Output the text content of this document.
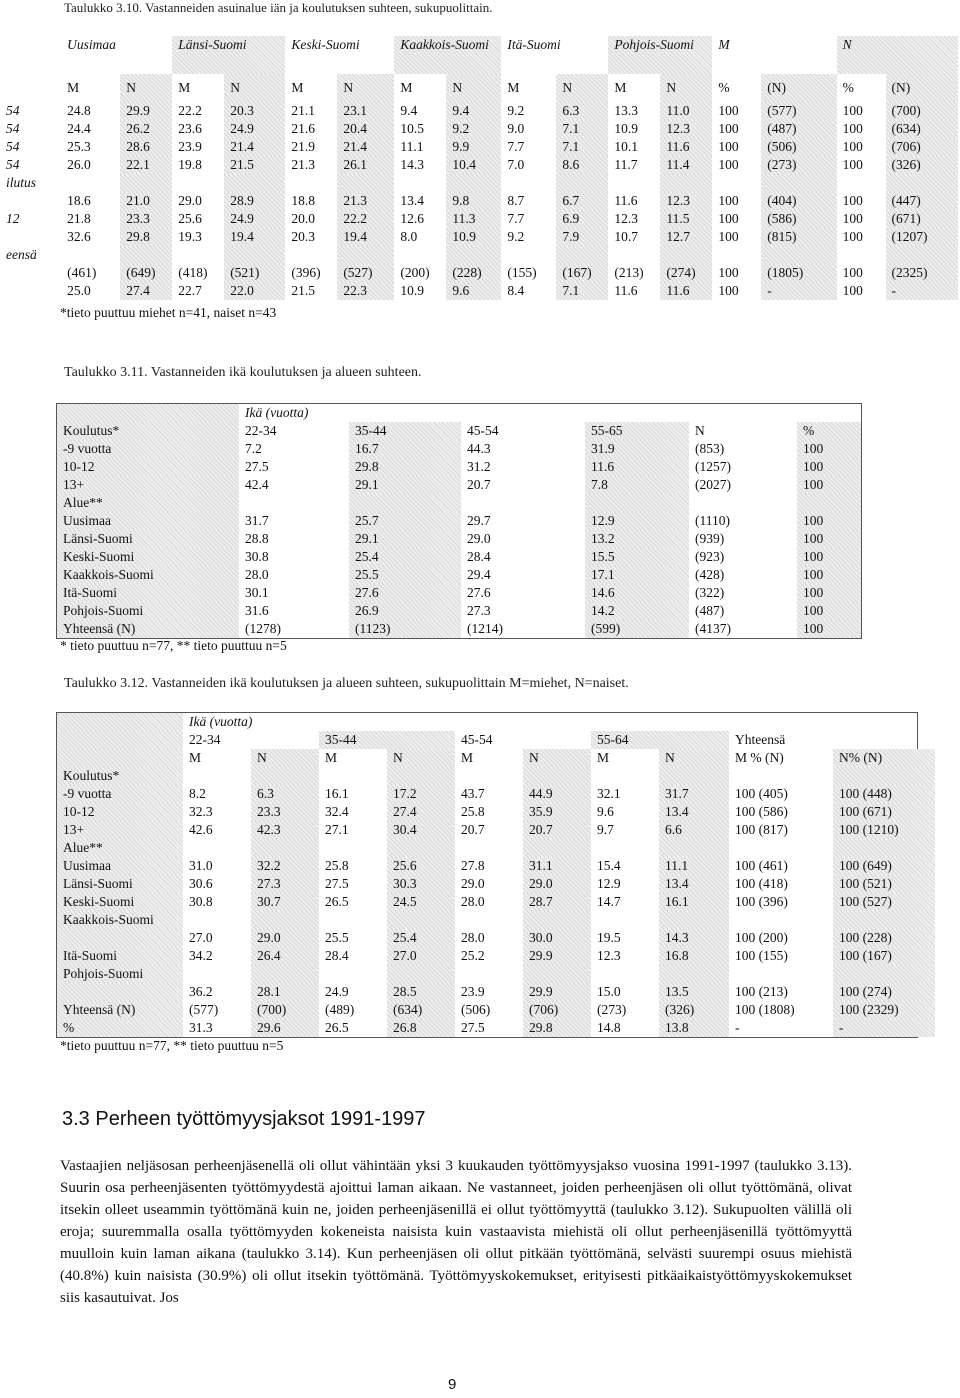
Taulukko 3.10. Vastanneiden asuinalue iän ja koulutuksen suhteen, sukupuolittain.
	Uusimaa		Länsi-Suomi		Keski-Suomi		Kaakkois-Suomi		Itä-Suomi		Pohjois-Suomi		M		N	
	M	N	M	N	M	N	M	N	M	N	M	N	%	(N)	%	(N)
54	24.8	29.9	22.2	20.3	21.1	23.1	9.4	9.4	9.2	6.3	13.3	11.0	100	(577)	100	(700)
54	24.4	26.2	23.6	24.9	21.6	20.4	10.5	9.2	9.0	7.1	10.9	12.3	100	(487)	100	(634)
54	25.3	28.6	23.9	21.4	21.9	21.4	11.1	9.9	7.7	7.1	10.1	11.6	100	(506)	100	(706)
54	26.0	22.1	19.8	21.5	21.3	26.1	14.3	10.4	7.0	8.6	11.7	11.4	100	(273)	100	(326)
ilutus																
	18.6	21.0	29.0	28.9	18.8	21.3	13.4	9.8	8.7	6.7	11.6	12.3	100	(404)	100	(447)
12	21.8	23.3	25.6	24.9	20.0	22.2	12.6	11.3	7.7	6.9	12.3	11.5	100	(586)	100	(671)
	32.6	29.8	19.3	19.4	20.3	19.4	8.0	10.9	9.2	7.9	10.7	12.7	100	(815)	100	(1207)
eensä																
	(461)	(649)	(418)	(521)	(396)	(527)	(200)	(228)	(155)	(167)	(213)	(274)	100	(1805)	100	(2325)
	25.0	27.4	22.7	22.0	21.5	22.3	10.9	9.6	8.4	7.1	11.6	11.6	100	-	100	-
*tieto puuttuu miehet n=41, naiset n=43
Taulukko 3.11. Vastanneiden ikä koulutuksen ja alueen suhteen.
	Ikä (vuotta)					
Koulutus*	22-34	35-44	45-54	55-65	N	%
-9 vuotta	7.2	16.7	44.3	31.9	(853)	100
10-12	27.5	29.8	31.2	11.6	(1257)	100
13+	42.4	29.1	20.7	7.8	(2027)	100
Alue**						
Uusimaa	31.7	25.7	29.7	12.9	(1110)	100
Länsi-Suomi	28.8	29.1	29.0	13.2	(939)	100
Keski-Suomi	30.8	25.4	28.4	15.5	(923)	100
Kaakkois-Suomi	28.0	25.5	29.4	17.1	(428)	100
Itä-Suomi	30.1	27.6	27.6	14.6	(322)	100
Pohjois-Suomi	31.6	26.9	27.3	14.2	(487)	100
Yhteensä (N)	(1278)	(1123)	(1214)	(599)	(4137)	100
* tieto puuttuu n=77, ** tieto puuttuu n=5
Taulukko 3.12. Vastanneiden ikä koulutuksen ja alueen suhteen, sukupuolittain M=miehet, N=naiset.
	Ikä (vuotta)									
	22-34		35-44		45-54		55-64		Yhteensä	
	M	N	M	N	M	N	M	N	M % (N)	N% (N)
Koulutus*										
-9 vuotta	8.2	6.3	16.1	17.2	43.7	44.9	32.1	31.7	100 (405)	100 (448)
10-12	32.3	23.3	32.4	27.4	25.8	35.9	9.6	13.4	100 (586)	100 (671)
13+	42.6	42.3	27.1	30.4	20.7	20.7	9.7	6.6	100 (817)	100 (1210)
Alue**										
Uusimaa	31.0	32.2	25.8	25.6	27.8	31.1	15.4	11.1	100 (461)	100 (649)
Länsi-Suomi	30.6	27.3	27.5	30.3	29.0	29.0	12.9	13.4	100 (418)	100 (521)
Keski-Suomi	30.8	30.7	26.5	24.5	28.0	28.7	14.7	16.1	100 (396)	100 (527)
Kaakkois-Suomi										
	27.0	29.0	25.5	25.4	28.0	30.0	19.5	14.3	100 (200)	100 (228)
Itä-Suomi	34.2	26.4	28.4	27.0	25.2	29.9	12.3	16.8	100 (155)	100 (167)
Pohjois-Suomi										
	36.2	28.1	24.9	28.5	23.9	29.9	15.0	13.5	100 (213)	100 (274)
Yhteensä (N)	(577)	(700)	(489)	(634)	(506)	(706)	(273)	(326)	100 (1808)	100 (2329)
%	31.3	29.6	26.5	26.8	27.5	29.8	14.8	13.8	-	-
*tieto puuttuu n=77, ** tieto puuttuu n=5
3.3 Perheen työttömyysjaksot 1991-1997

Vastaajien neljäsosan perheenjäsenellä oli ollut vähintään yksi 3 kuukauden työttömyysjakso vuosina 1991-1997 (taulukko 3.13). Suurin osa perheenjäsenten työttömyydestä ajoittui laman aikaan. Ne vastanneet, joiden perheenjäsen oli ollut työttömänä, olivat itsekin olleet useammin työttömänä kuin ne, joiden perheenjäsenillä ei ollut työttömyyttä (taulukko 3.12). Sukupuolten välillä oli eroja; suuremmalla osalla työttömyyden kokeneista naisista kuin vastaavista miehistä oli ollut perheenjäsenillä työttömyyttä muulloin kuin laman aikana (taulukko 3.14). Kun perheenjäsen oli ollut pitkään työttömänä, selvästi suurempi osuus miehistä (40.8%) kuin naisista (30.9%) oli ollut itsekin työttömänä. Työttömyyskokemukset, erityisesti pitkäaikaistyöttömyyskokemukset siis kasautuivat. Jos

9
